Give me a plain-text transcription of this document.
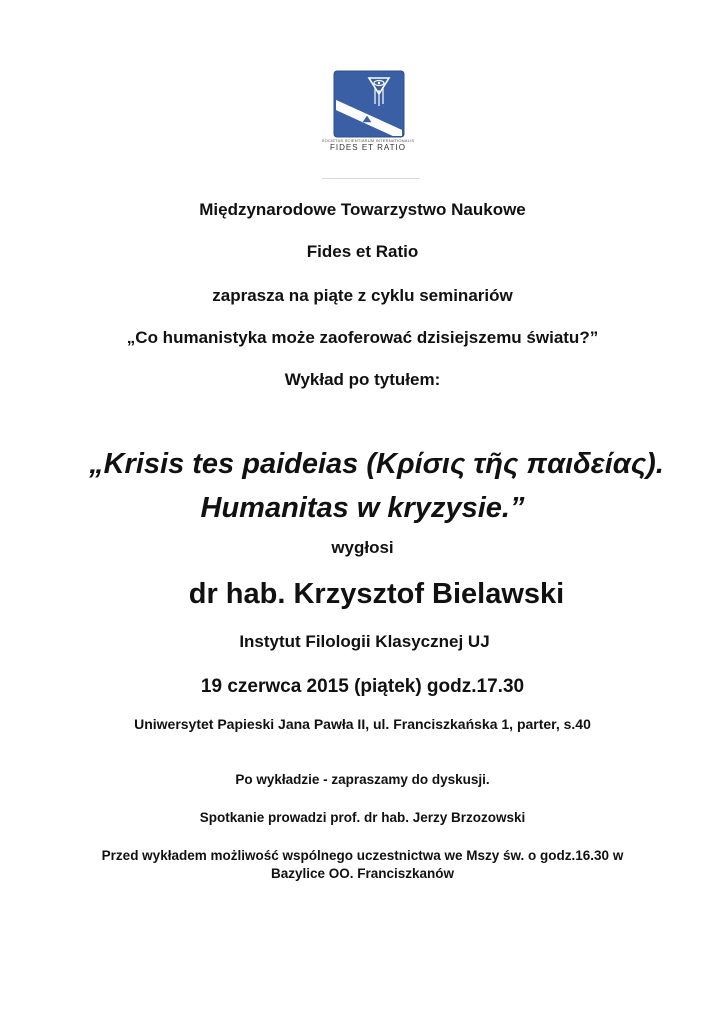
SOCIETAS SCIENTIARUM INTERNATIONALIS
FIDES ET RATIO
Międzynarodowe Towarzystwo Naukowe
Fides et Ratio
zaprasza na piąte z cyklu seminariów
„Co humanistyka może zaoferować dzisiejszemu światu?”
Wykład po tytułem:
„Krisis tes paideias (Κρίσις τῆς παιδείας).
Humanitas w kryzysie.”
wygłosi
dr hab. Krzysztof Bielawski
Instytut Filologii Klasycznej UJ
19 czerwca 2015 (piątek) godz.17.30
Uniwersytet Papieski Jana Pawła II, ul. Franciszkańska 1, parter, s.40
Po wykładzie - zapraszamy do dyskusji.
Spotkanie prowadzi prof. dr hab. Jerzy Brzozowski
Przed wykładem możliwość wspólnego uczestnictwa we Mszy św. o godz.16.30 w
Bazylice OO. Franciszkanów
